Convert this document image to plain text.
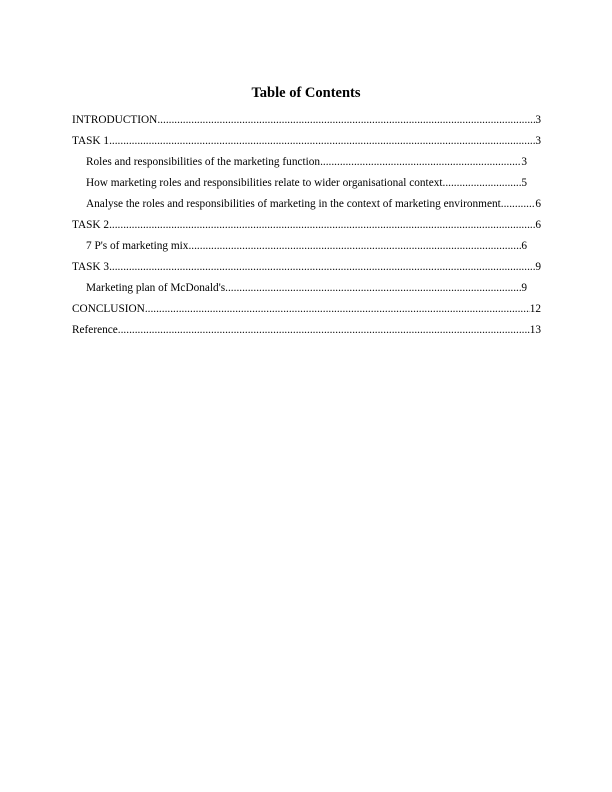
Table of Contents
INTRODUCTION .....	3
TASK 1 .....	3
Roles and responsibilities of the marketing function .....	3
How marketing roles and responsibilities relate to wider organisational context .....	5
Analyse the roles and responsibilities of marketing in the context of marketing environment. .....	6
TASK 2 .....	6
7 P's of marketing mix .....	6
TASK 3 .....	9
Marketing plan of McDonald's .....	9
CONCLUSION .....	12
Reference .....	13
